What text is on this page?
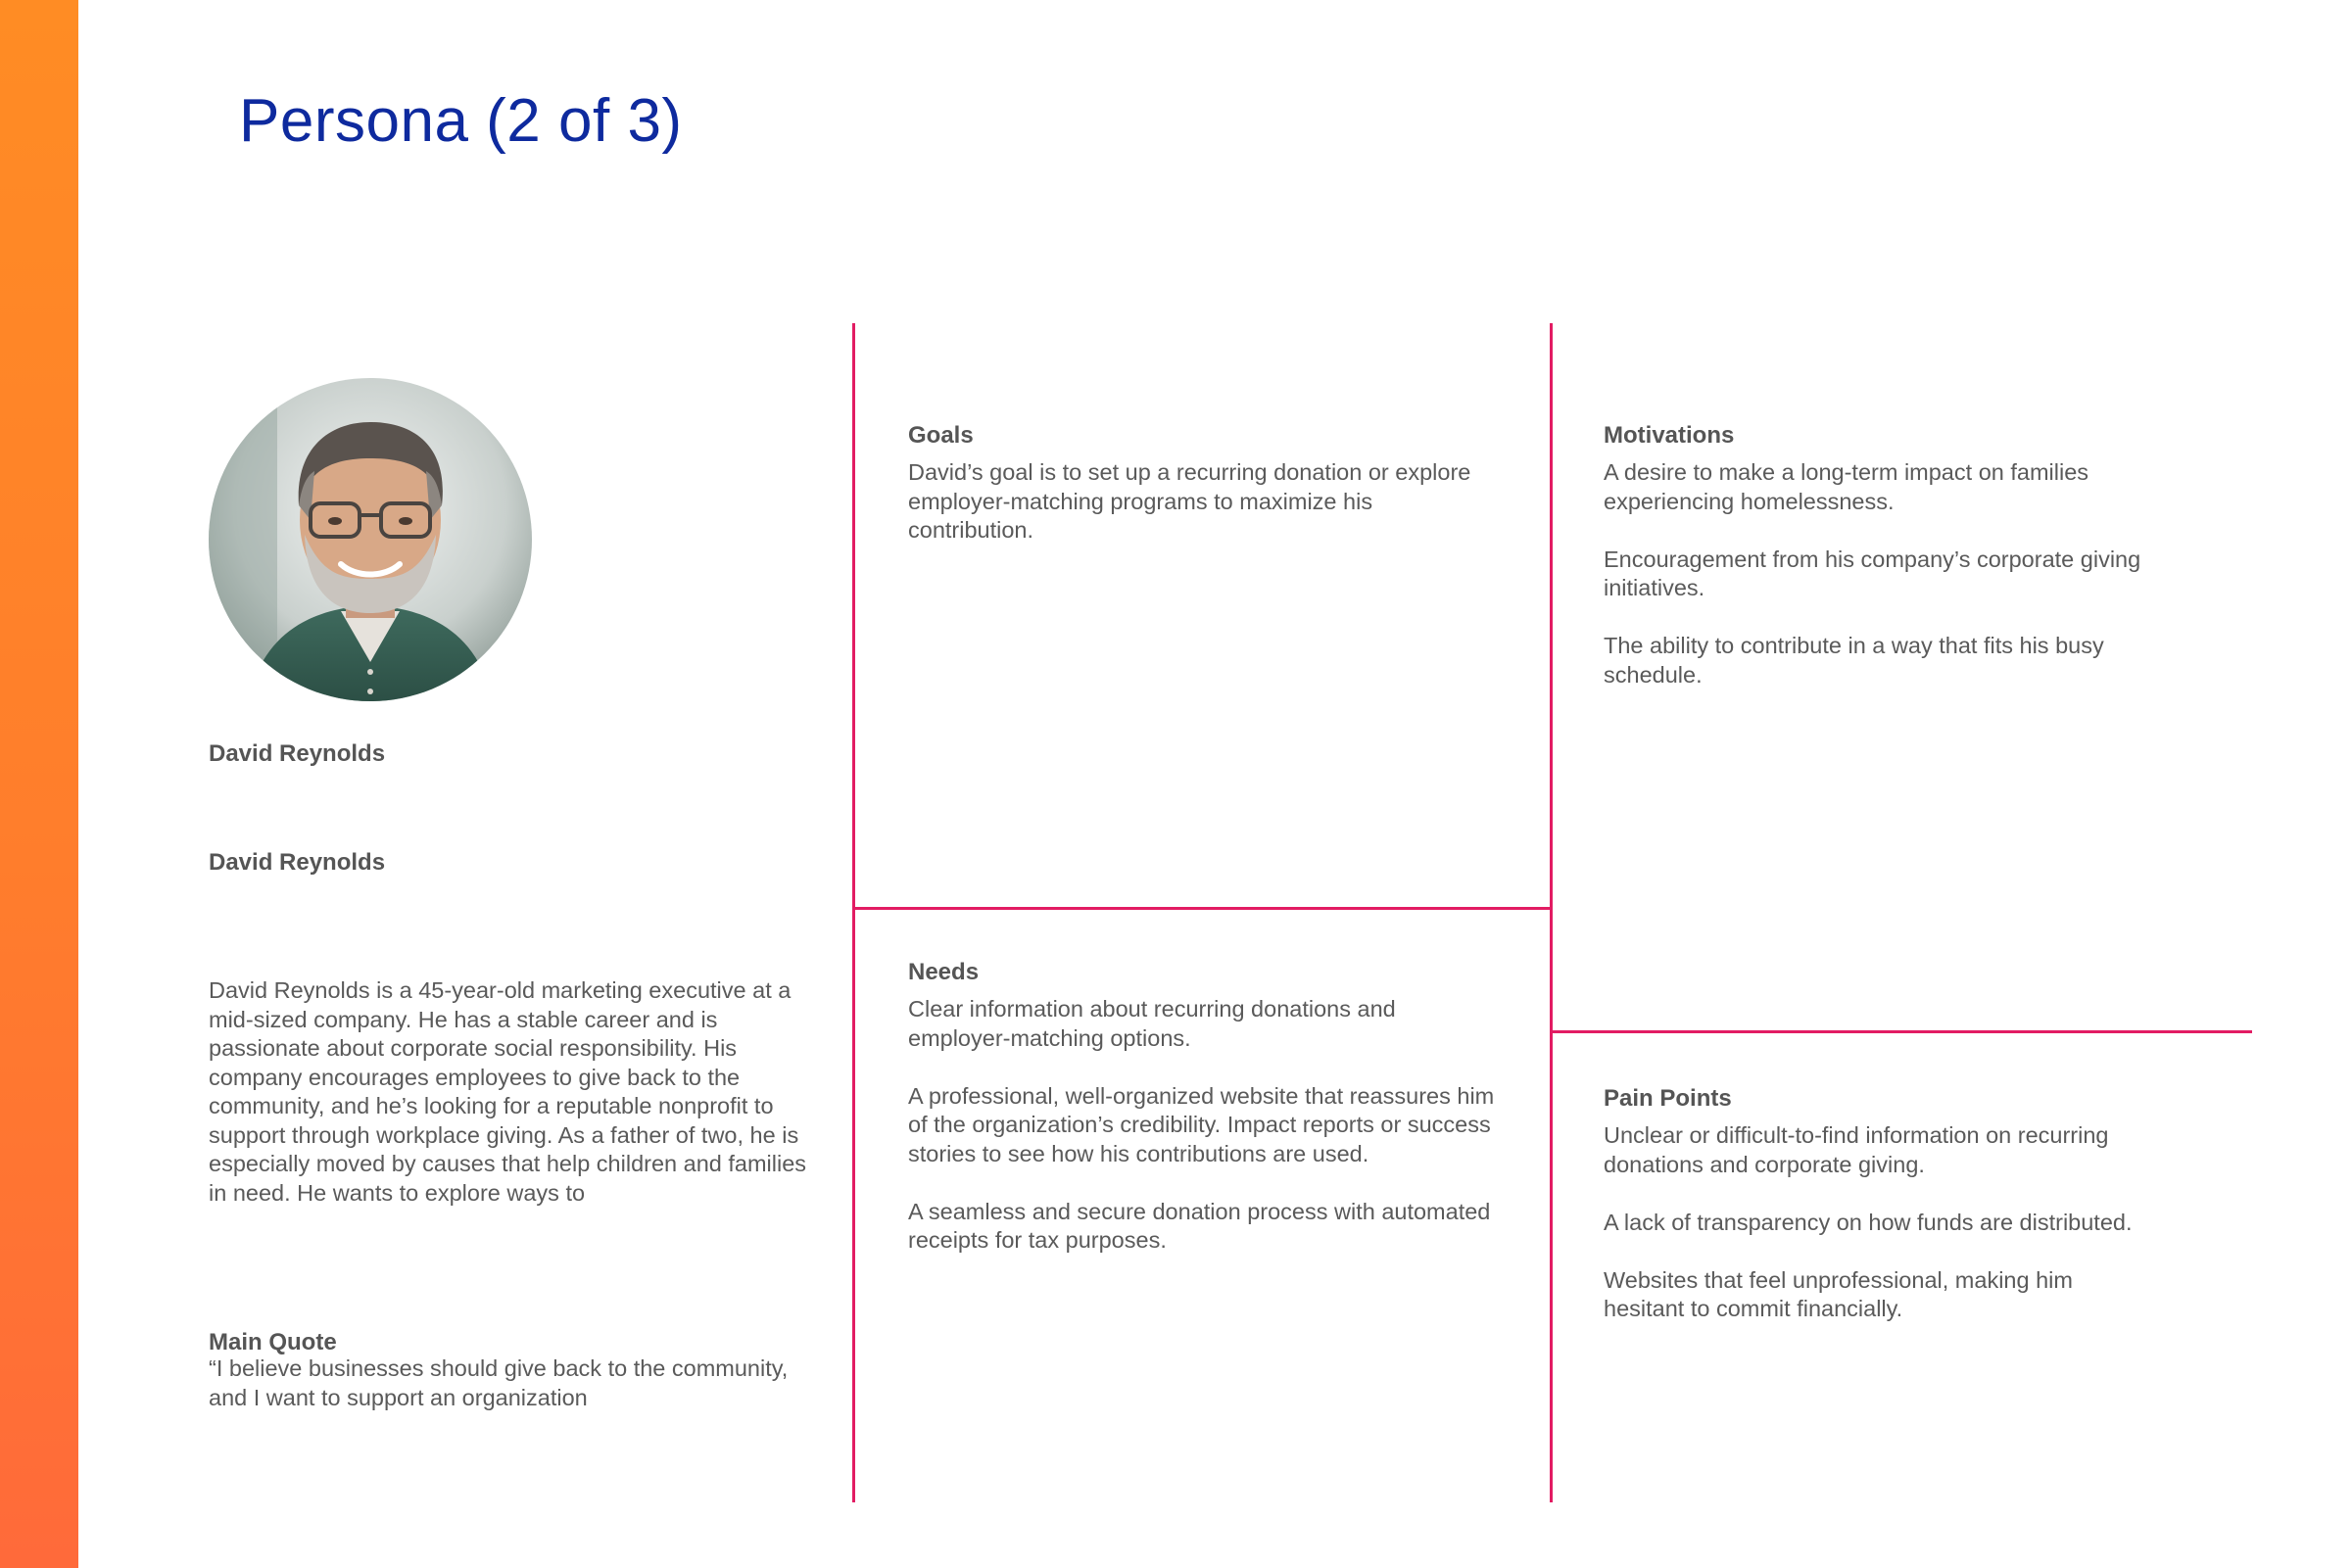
Persona (2 of 3)

David Reynolds

David Reynolds

David Reynolds is a 45-year-old marketing executive at a mid-sized company. He has a stable career and is passionate about corporate social responsibility. His company encourages employees to give back to the community, and he’s looking for a reputable nonprofit to support through workplace giving. As a father of two, he is especially moved by causes that help children and families in need. He wants to explore ways to

Main Quote

“I believe businesses should give back to the community, and I want to support an organization

Goals

David’s goal is to set up a recurring donation or explore employer-matching programs to maximize his contribution.

Motivations

A desire to make a long-term impact on families experiencing homelessness.

Encouragement from his company’s corporate giving initiatives.

The ability to contribute in a way that fits his busy schedule.

Needs

Clear information about recurring donations and employer-matching options.

A professional, well-organized website that reassures him of the organization’s credibility. Impact reports or success stories to see how his contributions are used.

A seamless and secure donation process with automated receipts for tax purposes.

Pain Points

Unclear or difficult-to-find information on recurring donations and corporate giving.

A lack of transparency on how funds are distributed.

Websites that feel unprofessional, making him hesitant to commit financially.
